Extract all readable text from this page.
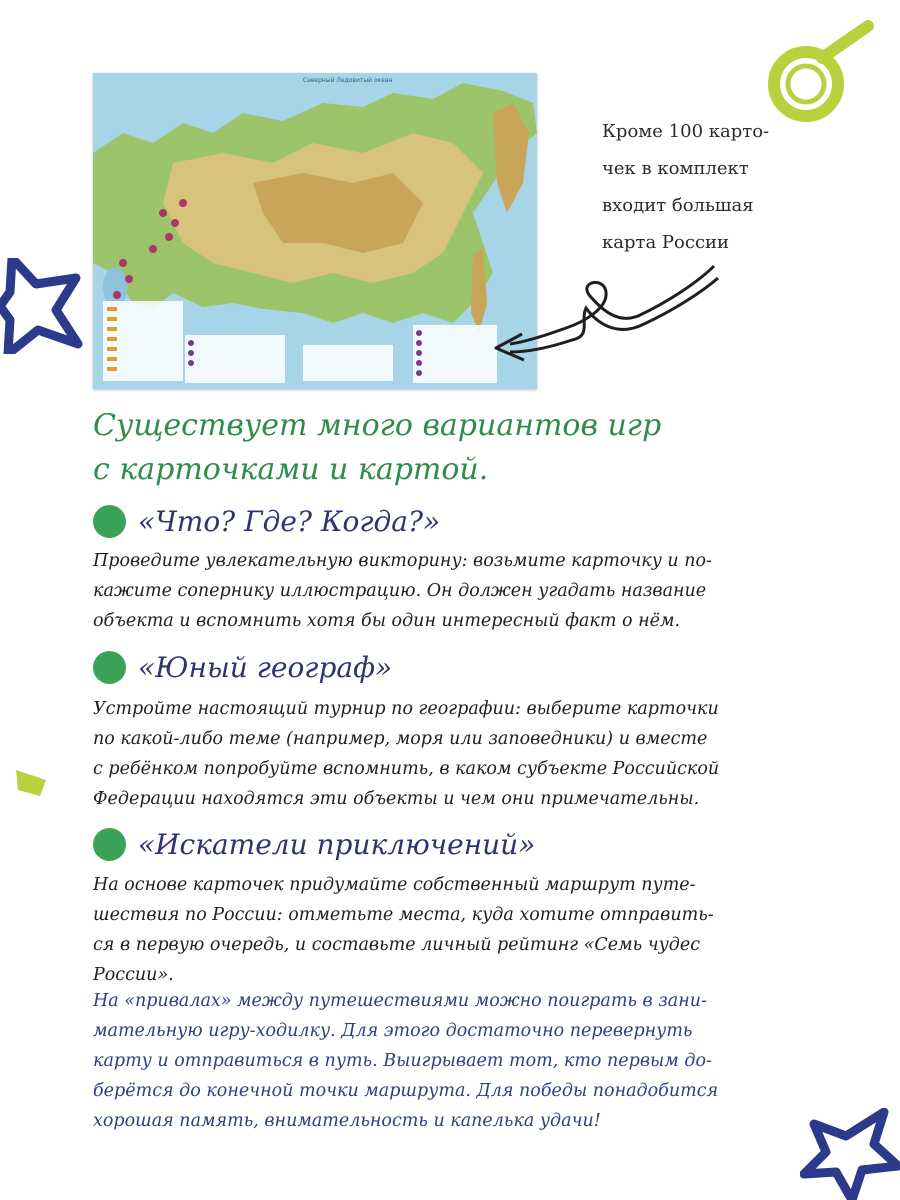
Северный Ледовитый океан
Кроме 100 карто-
чек в комплект
входит большая
карта России
Существует много вариантов игр
с карточками и картой.
«Что? Где? Когда?»
Проведите увлекательную викторину: возьмите карточку и по-
кажите сопернику иллюстрацию. Он должен угадать название
объекта и вспомнить хотя бы один интересный факт о нём.
«Юный географ»
Устройте настоящий турнир по географии: выберите карточки
по какой-либо теме (например, моря или заповедники) и вместе
с ребёнком попробуйте вспомнить, в каком субъекте Российской
Федерации находятся эти объекты и чем они примечательны.
«Искатели приключений»
На основе карточек придумайте собственный маршрут путе-
шествия по России: отметьте места, куда хотите отправить-
ся в первую очередь, и составьте личный рейтинг «Семь чудес
России».
На «привалах» между путешествиями можно поиграть в зани-
мательную игру-ходилку. Для этого достаточно перевернуть
карту и отправиться в путь. Выигрывает тот, кто первым до-
берётся до конечной точки маршрута. Для победы понадобится
хорошая память, внимательность и капелька удачи!
